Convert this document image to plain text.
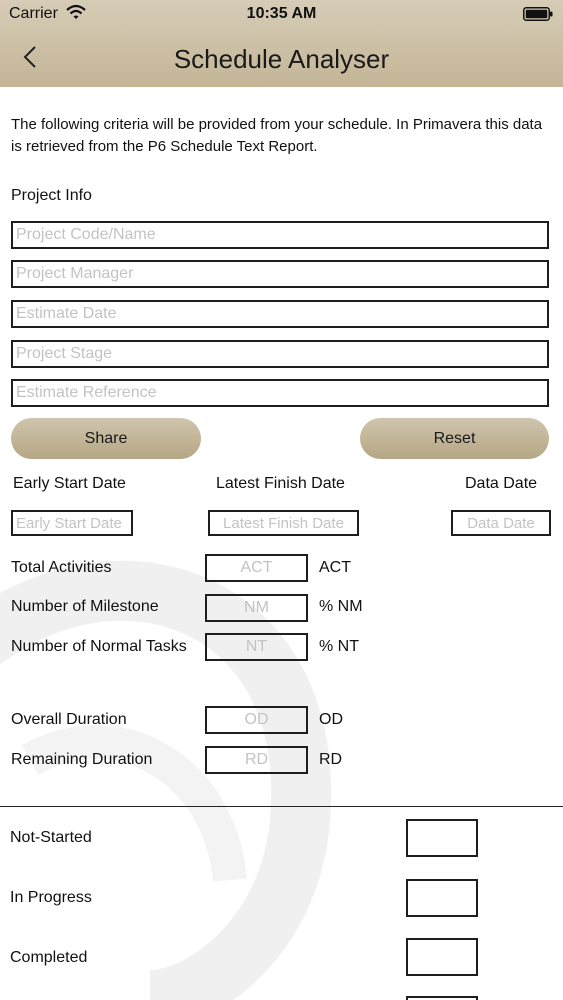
Carrier	10:35 AM
Schedule Analyser
The following criteria will be provided from your schedule. In Primavera this data is retrieved from the P6 Schedule Text Report.
Project Info
Project Code/Name
Project Manager
Estimate Date
Project Stage
Estimate Reference
Share	Reset
Early Start Date	Latest Finish Date	Data Date
Early Start Date
Latest Finish Date
Data Date
Total Activities
ACT	ACT
Number of Milestone
NM	% NM
Number of Normal Tasks
NT	% NT
Overall Duration
OD	OD
Remaining Duration
RD	RD
Not-Started
In Progress
Completed
